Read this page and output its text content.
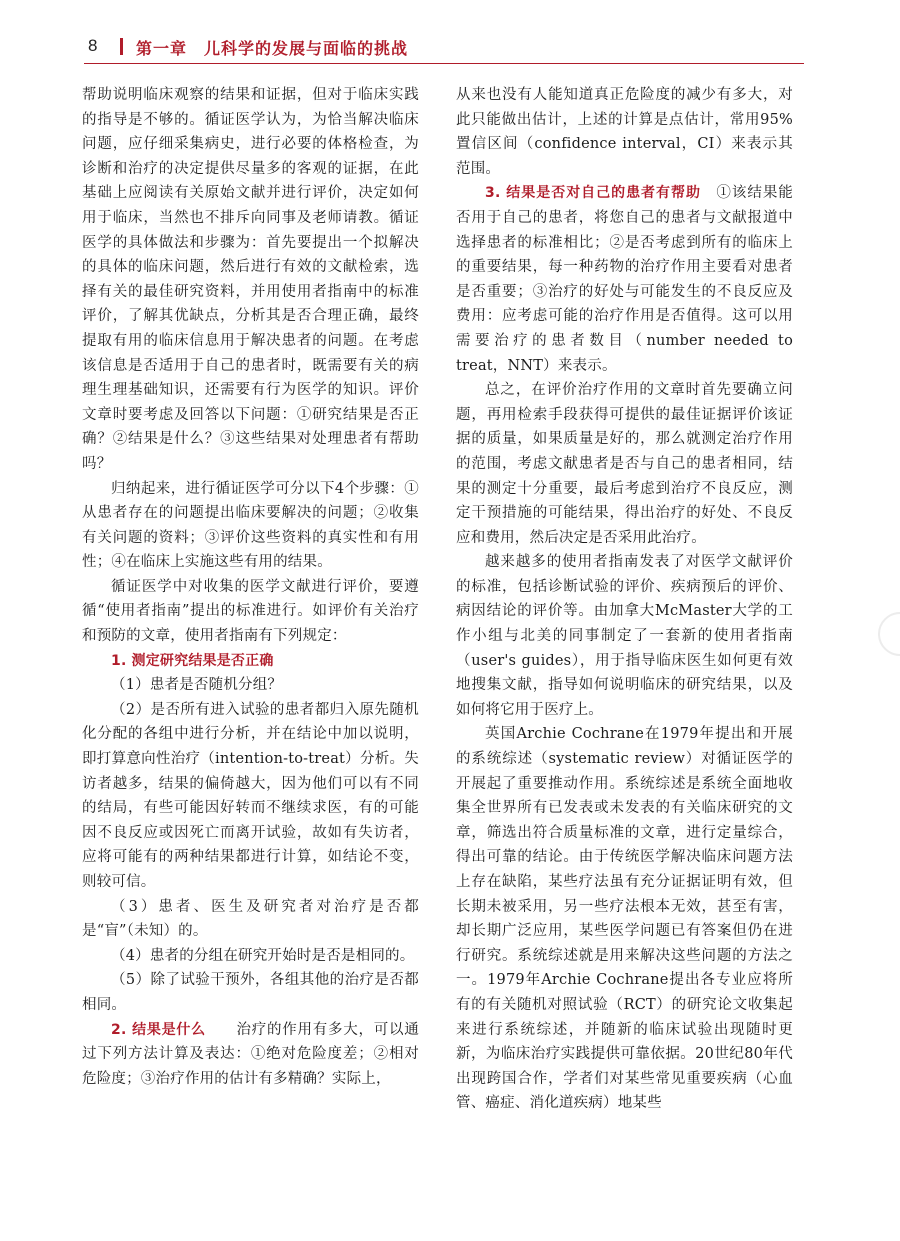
8 第一章　儿科学的发展与面临的挑战

帮助说明临床观察的结果和证据，但对于临床实践的指导是不够的。循证医学认为，为恰当解决临床问题，应仔细采集病史，进行必要的体格检查，为诊断和治疗的决定提供尽量多的客观的证据，在此基础上应阅读有关原始文献并进行评价，决定如何用于临床，当然也不排斥向同事及老师请教。循证医学的具体做法和步骤为：首先要提出一个拟解决的具体的临床问题，然后进行有效的文献检索，选择有关的最佳研究资料，并用使用者指南中的标准评价，了解其优缺点，分析其是否合理正确，最终提取有用的临床信息用于解决患者的问题。在考虑该信息是否适用于自己的患者时，既需要有关的病理生理基础知识，还需要有行为医学的知识。评价文章时要考虑及回答以下问题：①研究结果是否正确？②结果是什么？③这些结果对处理患者有帮助吗？

归纳起来，进行循证医学可分以下4个步骤：①从患者存在的问题提出临床要解决的问题；②收集有关问题的资料；③评价这些资料的真实性和有用性；④在临床上实施这些有用的结果。

循证医学中对收集的医学文献进行评价，要遵循“使用者指南”提出的标准进行。如评价有关治疗和预防的文章，使用者指南有下列规定：

1. 测定研究结果是否正确

（1）患者是否随机分组？

（2）是否所有进入试验的患者都归入原先随机化分配的各组中进行分析，并在结论中加以说明，即打算意向性治疗（intention-to-treat）分析。失访者越多，结果的偏倚越大，因为他们可以有不同的结局，有些可能因好转而不继续求医，有的可能因不良反应或因死亡而离开试验，故如有失访者，应将可能有的两种结果都进行计算，如结论不变，则较可信。

（3）患者、医生及研究者对治疗是否都是“盲”（未知）的。

（4）患者的分组在研究开始时是否是相同的。

（5）除了试验干预外，各组其他的治疗是否都相同。

2. 结果是什么　　 治疗的作用有多大，可以通过下列方法计算及表达：①绝对危险度差；②相对危险度；③治疗作用的估计有多精确？实际上，

从来也没有人能知道真正危险度的减少有多大，对此只能做出估计，上述的计算是点估计，常用95%置信区间（confidence interval，CI）来表示其范围。

3. 结果是否对自己的患者有帮助　 ①该结果能否用于自己的患者，将您自己的患者与文献报道中选择患者的标准相比；②是否考虑到所有的临床上的重要结果，每一种药物的治疗作用主要看对患者是否重要；③治疗的好处与可能发生的不良反应及费用：应考虑可能的治疗作用是否值得。这可以用需要治疗的患者数目（number needed to treat，NNT）来表示。

总之，在评价治疗作用的文章时首先要确立问题，再用检索手段获得可提供的最佳证据评价该证据的质量，如果质量是好的，那么就测定治疗作用的范围，考虑文献患者是否与自己的患者相同，结果的测定十分重要，最后考虑到治疗不良反应，测定干预措施的可能结果，得出治疗的好处、不良反应和费用，然后决定是否采用此治疗。

越来越多的使用者指南发表了对医学文献评价的标准，包括诊断试验的评价、疾病预后的评价、病因结论的评价等。由加拿大McMaster大学的工作小组与北美的同事制定了一套新的使用者指南（user's guides），用于指导临床医生如何更有效地搜集文献，指导如何说明临床的研究结果，以及如何将它用于医疗上。

英国Archie Cochrane在1979年提出和开展的系统综述（systematic review）对循证医学的开展起了重要推动作用。系统综述是系统全面地收集全世界所有已发表或未发表的有关临床研究的文章，筛选出符合质量标准的文章，进行定量综合，得出可靠的结论。由于传统医学解决临床问题方法上存在缺陷，某些疗法虽有充分证据证明有效，但长期未被采用，另一些疗法根本无效，甚至有害，却长期广泛应用，某些医学问题已有答案但仍在进行研究。系统综述就是用来解决这些问题的方法之一。1979年Archie Cochrane提出各专业应将所有的有关随机对照试验（RCT）的研究论文收集起来进行系统综述，并随新的临床试验出现随时更新，为临床治疗实践提供可靠依据。20世纪80年代出现跨国合作，学者们对某些常见重要疾病（心血管、癌症、消化道疾病）地某些
